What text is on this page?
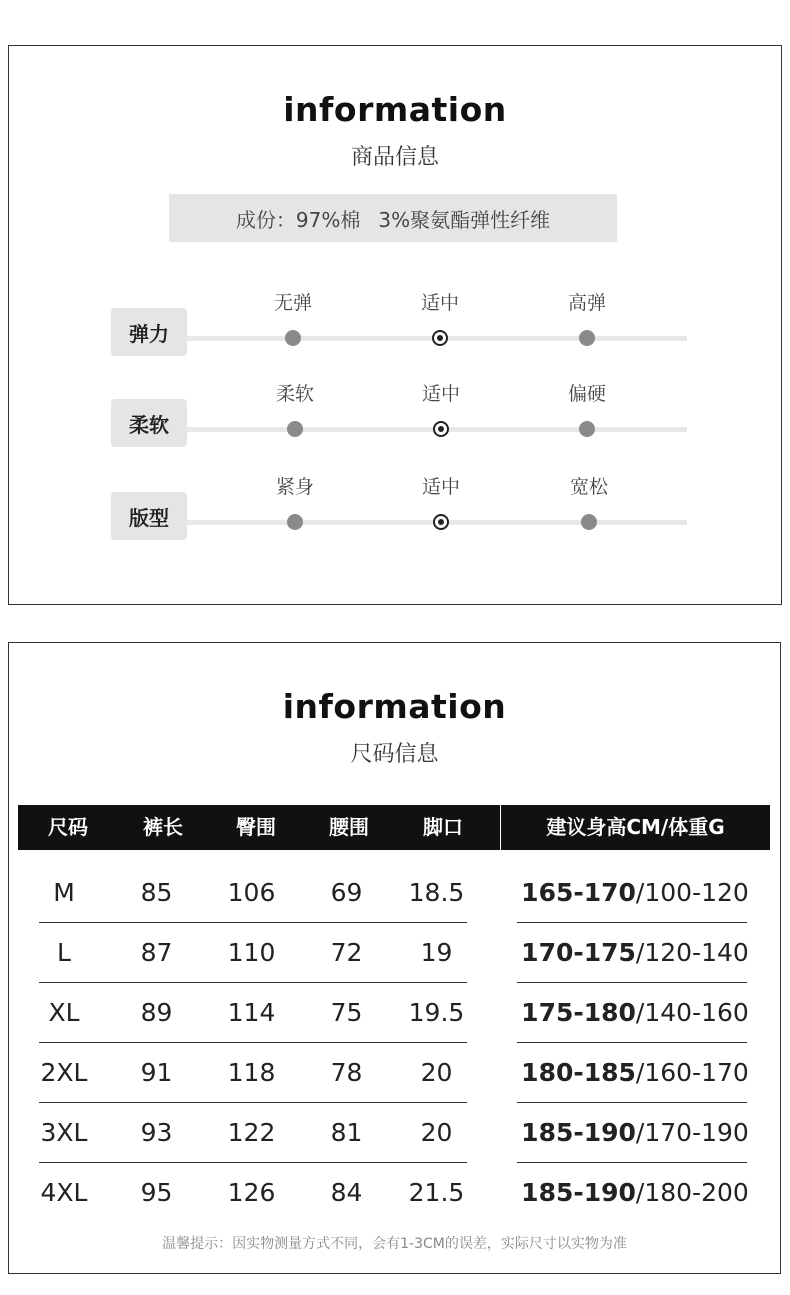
information
商品信息
成份： 97%棉 3%聚氨酯弹性纤维
弹力
无弹	适中	高弹
柔软
柔软	适中	偏硬
版型
紧身	适中	宽松
information
尺码信息
尺码	裤长	臀围	腰围	脚口	建议身高CM/体重G
M	85	106	69	18.5	165-170/100-120
L	87	110	72	19	170-175/120-140
XL	89	114	75	19.5	175-180/140-160
2XL	91	118	78	20	180-185/160-170
3XL	93	122	81	20	185-190/170-190
4XL	95	126	84	21.5	185-190/180-200
温馨提示：因实物测量方式不同，会有1-3CM的误差，实际尺寸以实物为准
